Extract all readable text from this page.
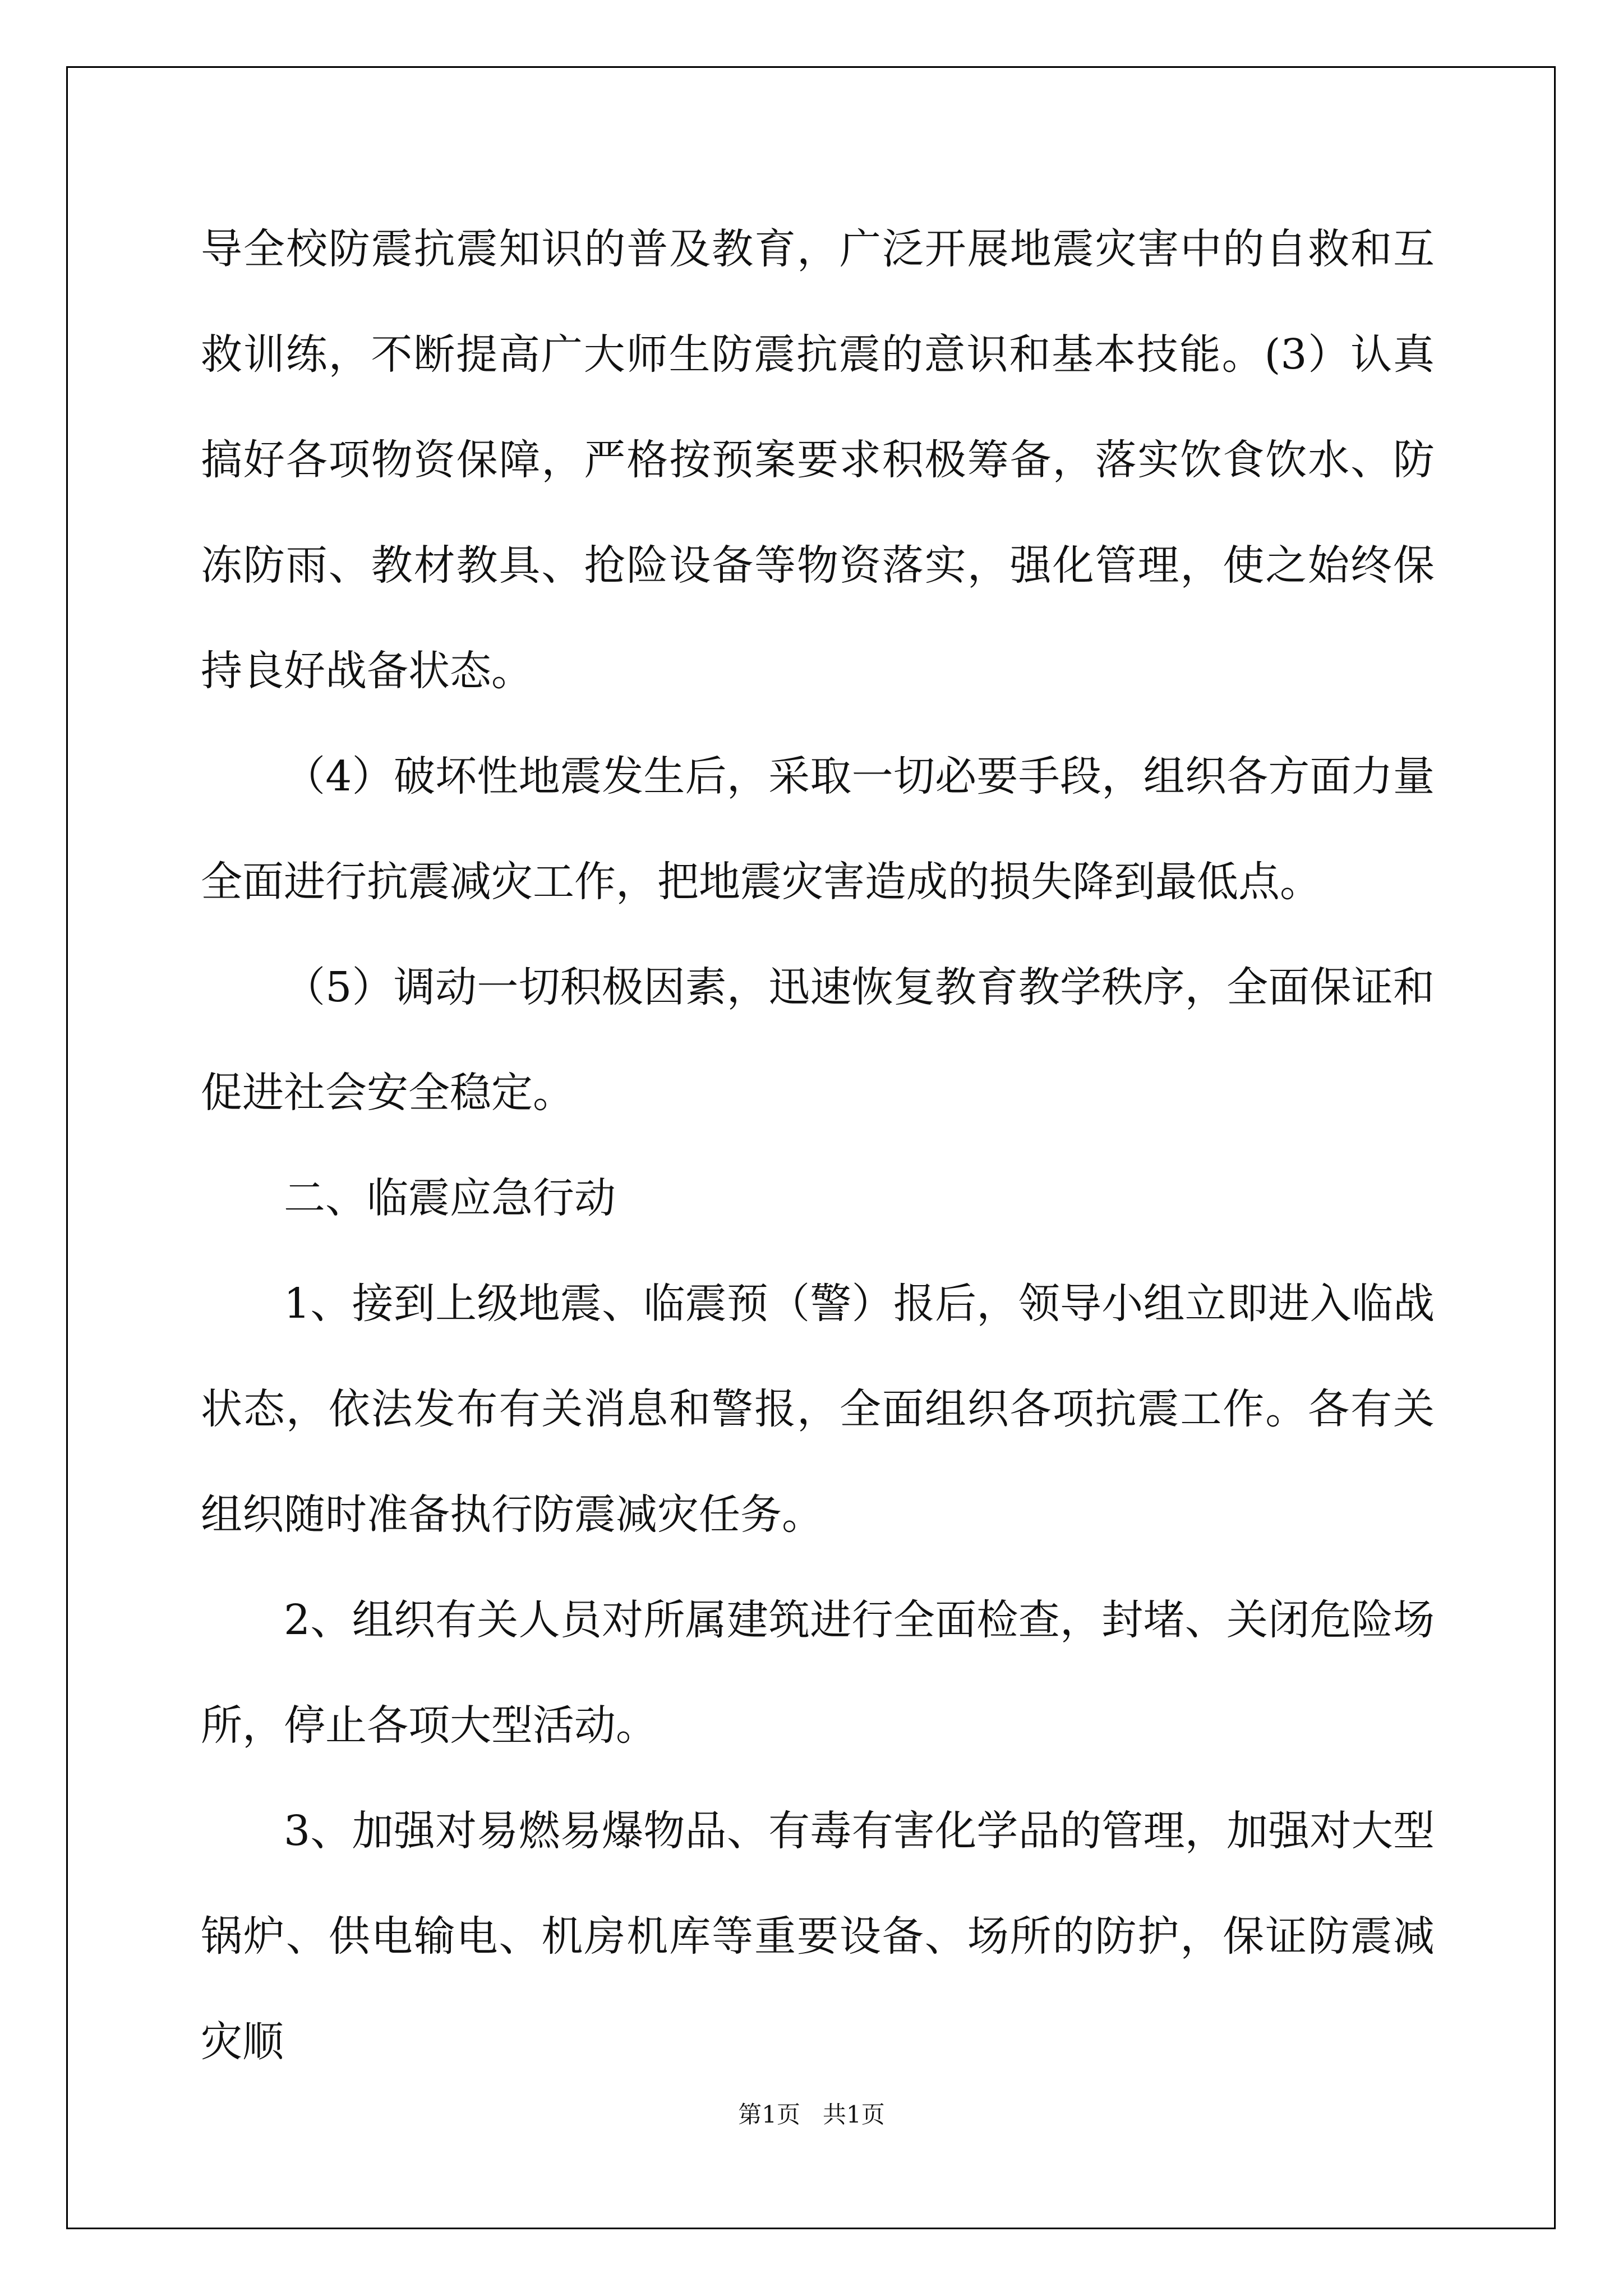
导全校防震抗震知识的普及教育，广泛开展地震灾害中的自救和互救训练，不断提高广大师生防震抗震的意识和基本技能。(3）认真搞好各项物资保障，严格按预案要求积极筹备，落实饮食饮水、防冻防雨、教材教具、抢险设备等物资落实，强化管理，使之始终保持良好战备状态。

（4）破坏性地震发生后，采取一切必要手段，组织各方面力量全面进行抗震减灾工作，把地震灾害造成的损失降到最低点。

（5）调动一切积极因素，迅速恢复教育教学秩序，全面保证和促进社会安全稳定。

二、临震应急行动

1、接到上级地震、临震预（警）报后，领导小组立即进入临战状态，依法发布有关消息和警报，全面组织各项抗震工作。各有关组织随时准备执行防震减灾任务。

2、组织有关人员对所属建筑进行全面检查，封堵、关闭危险场所，停止各项大型活动。

3、加强对易燃易爆物品、有毒有害化学品的管理，加强对大型锅炉、供电输电、机房机库等重要设备、场所的防护，保证防震减灾顺

第1页   共1页
